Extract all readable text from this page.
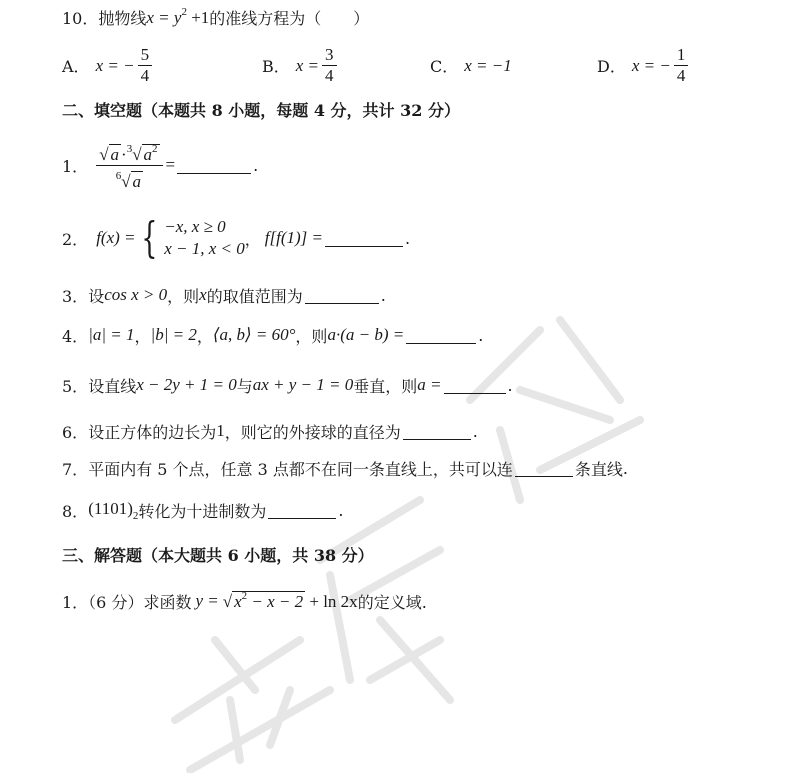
10．抛物线 $x = y^2 +1$ 的准线方程为（　　）
A． x = − $\frac{5}{4}$	B． $x = \frac{3}{4}$	C． x = −1	D． x = − $\frac{1}{4}$
二、填空题（本题共 8 小题，每题 4 分，共计 32 分）
1． $\frac{√ a \cdot^3√ a^2}{^6√ a}$ =	.
2． f(x) = { −x, x ≥ 0
x − 1, x < 0 ， f[f(1)] =	.
3． 设 cos x > 0 ，则 x 的取值范围为	.
4． |a| = 1 ， |b| = 2 ， ⟨a, b⟩ = 60° ，则 a·(a − b) =	.
5． 设直线 x − 2y + 1 = 0 与 ax + y − 1 = 0 垂直，则 a =	.
6． 设正方体的边长为 1 ，则它的外接球的直径为	.
7． 平面内有 5 个点，任意 3 点都不在同一条直线上，共可以连	条直线 .
8． $(1101)_2$ 转化为十进制数为	.
三、解答题（本大题共 6 小题，共 38 分）
1．（6 分）求函数 y = √ $x^2 - x - 2 + \ln 2x$ 的定义域.
